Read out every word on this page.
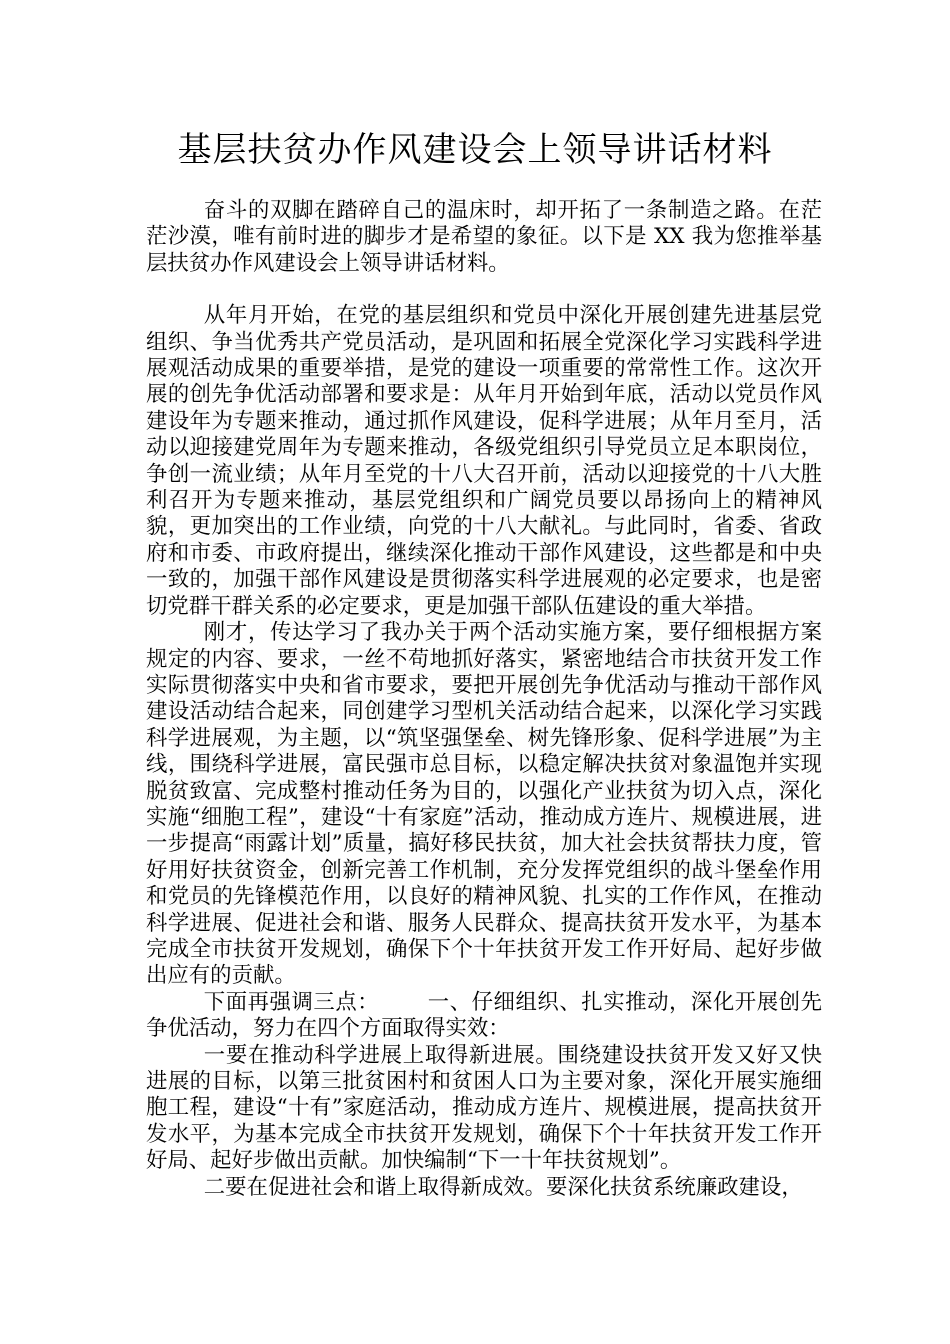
基层扶贫办作风建设会上领导讲话材料

奋斗的双脚在踏碎自己的温床时，却开拓了一条制造之路。在茫茫沙漠，唯有前时进的脚步才是希望的象征。以下是 XX 我为您推举基层扶贫办作风建设会上领导讲话材料。

从年月开始，在党的基层组织和党员中深化开展创建先进基层党组织、争当优秀共产党员活动，是巩固和拓展全党深化学习实践科学进展观活动成果的重要举措，是党的建设一项重要的常常性工作。这次开展的创先争优活动部署和要求是：从年月开始到年底，活动以党员作风建设年为专题来推动，通过抓作风建设，促科学进展；从年月至月，活动以迎接建党周年为专题来推动，各级党组织引导党员立足本职岗位，争创一流业绩；从年月至党的十八大召开前，活动以迎接党的十八大胜利召开为专题来推动，基层党组织和广阔党员要以昂扬向上的精神风貌，更加突出的工作业绩，向党的十八大献礼。与此同时，省委、省政府和市委、市政府提出，继续深化推动干部作风建设，这些都是和中央一致的，加强干部作风建设是贯彻落实科学进展观的必定要求，也是密切党群干群关系的必定要求，更是加强干部队伍建设的重大举措。

刚才，传达学习了我办关于两个活动实施方案，要仔细根据方案规定的内容、要求，一丝不苟地抓好落实，紧密地结合市扶贫开发工作实际贯彻落实中央和省市要求，要把开展创先争优活动与推动干部作风建设活动结合起来，同创建学习型机关活动结合起来，以深化学习实践科学进展观，为主题，以“筑坚强堡垒、树先锋形象、促科学进展”为主线，围绕科学进展，富民强市总目标，以稳定解决扶贫对象温饱并实现脱贫致富、完成整村推动任务为目的，以强化产业扶贫为切入点，深化实施“细胞工程”，建设“十有家庭”活动，推动成方连片、规模进展，进一步提高“雨露计划”质量，搞好移民扶贫，加大社会扶贫帮扶力度，管好用好扶贫资金，创新完善工作机制，充分发挥党组织的战斗堡垒作用和党员的先锋模范作用，以良好的精神风貌、扎实的工作作风，在推动科学进展、促进社会和谐、服务人民群众、提高扶贫开发水平，为基本完成全市扶贫开发规划，确保下个十年扶贫开发工作开好局、起好步做出应有的贡献。

下面再强调三点： 一、仔细组织、扎实推动，深化开展创先争优活动，努力在四个方面取得实效：

一要在推动科学进展上取得新进展。围绕建设扶贫开发又好又快进展的目标，以第三批贫困村和贫困人口为主要对象，深化开展实施细胞工程，建设“十有”家庭活动，推动成方连片、规模进展，提高扶贫开发水平，为基本完成全市扶贫开发规划，确保下个十年扶贫开发工作开好局、起好步做出贡献。加快编制“下一十年扶贫规划”。

二要在促进社会和谐上取得新成效。要深化扶贫系统廉政建设，
